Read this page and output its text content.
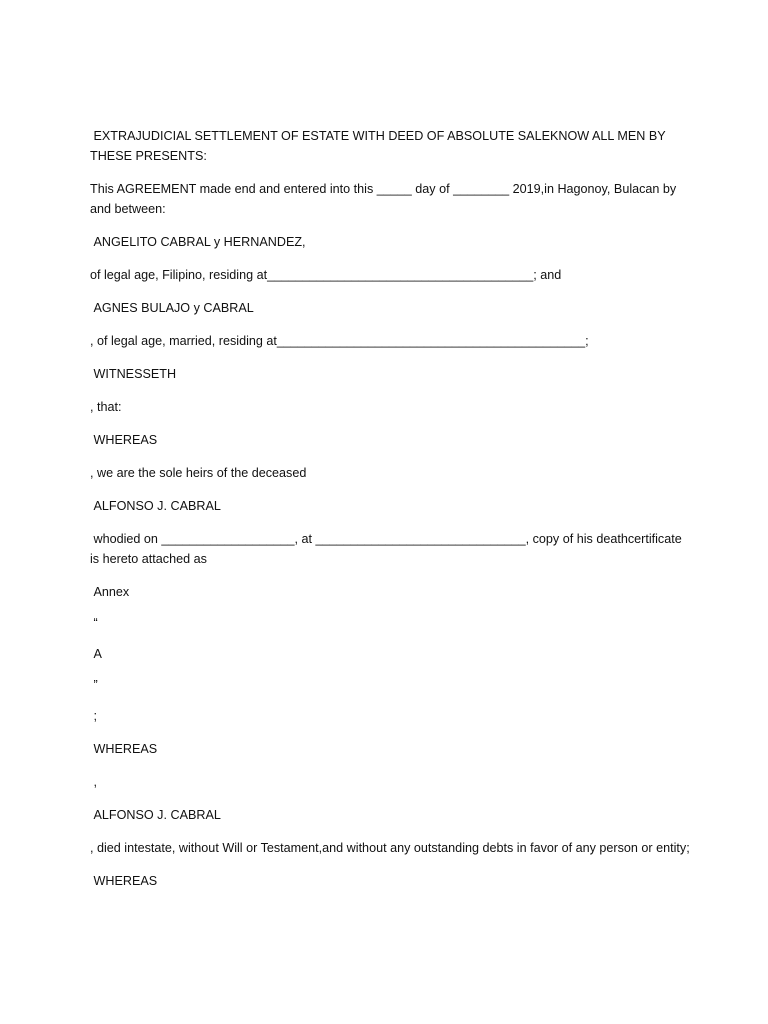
EXTRAJUDICIAL SETTLEMENT OF ESTATE WITH DEED OF ABSOLUTE SALEKNOW ALL MEN BY THESE PRESENTS:

This AGREEMENT made end and entered into this _____ day of ________ 2019,in Hagonoy, Bulacan by and between:

ANGELITO CABRAL y HERNANDEZ,

of legal age, Filipino, residing at______________________________________; and

AGNES BULAJO y CABRAL

, of legal age, married, residing at____________________________________________;

WITNESSETH

, that:

WHEREAS

, we are the sole heirs of the deceased

ALFONSO J. CABRAL

whodied on ___________________, at ______________________________, copy of his deathcertificate is hereto attached as

Annex

“

A

”

;

WHEREAS

,

ALFONSO J. CABRAL

, died intestate, without Will or Testament,and without any outstanding debts in favor of any person or entity;

WHEREAS
